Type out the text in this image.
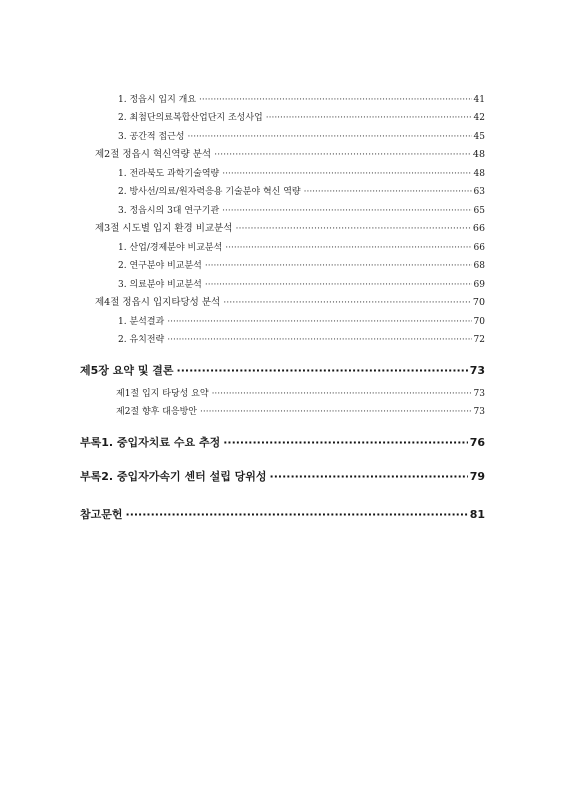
1. 정읍시 입지 개요 ·····	41
2. 최첨단의료복합산업단지 조성사업 ·····	42
3. 공간적 접근성 ·····	45
제2절 정읍시 혁신역량 분석 ·····	48
1. 전라북도 과학기술역량 ·····	48
2. 방사선/의료/원자력응용 기술분야 혁신 역량 ·····	63
3. 정읍시의 3대 연구기관 ·····	65
제3절 시도별 입지 환경 비교분석 ·····	66
1. 산업/경제분야 비교분석 ·····	66
2. 연구분야 비교분석 ·····	68
3. 의료분야 비교분석 ·····	69
제4절 정읍시 입지타당성 분석 ·····	70
1. 분석결과 ·····	70
2. 유치전략 ·····	72
제5장 요약 및 결론 ·····	73
제1절 입지 타당성 요약 ·····	73
제2절 향후 대응방안 ·····	73
부록1. 중입자치료 수요 추정 ·····	76
부록2. 중입자가속기 센터 설립 당위성 ·····	79
참고문헌 ·····	81
